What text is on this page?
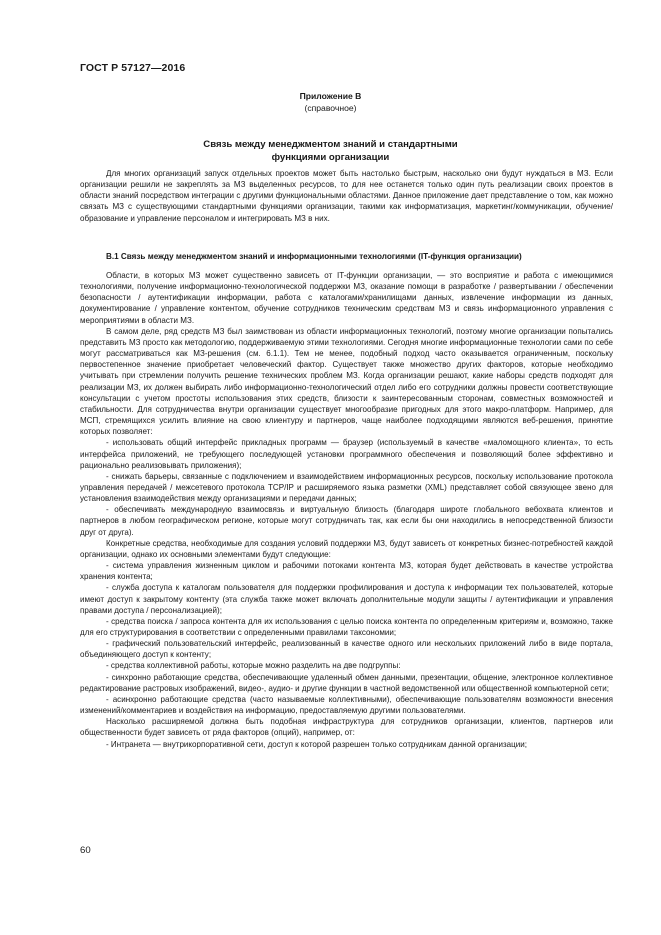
ГОСТ Р 57127—2016
Приложение В
(справочное)
Связь между менеджментом знаний и стандартными
функциями организации

Для многих организаций запуск отдельных проектов может быть настолько быстрым, насколько они будут нуждаться в МЗ. Если организации решили не закреплять за МЗ выделенных ресурсов, то для нее останется только один путь реализации своих проектов в области знаний посредством интеграции с другими функциональными областями. Данное приложение дает представление о том, как можно связать МЗ с существующими стандартными функциями организации, такими как информатизация, маркетинг/коммуникации, обучение/образование и управление персоналом и интегрировать МЗ в них.

В.1 Связь между менеджментом знаний и информационными технологиями (IT-функция организации)

Области, в которых МЗ может существенно зависеть от IT-функции организации, — это восприятие и работа с имеющимися технологиями, получение информационно-технологической поддержки МЗ, оказание помощи в разработке / развертывании / обеспечении безопасности / аутентификации информации, работа с каталогами/хранилищами данных, извлечение информации из данных, документирование / управление контентом, обучение сотрудников техническим средствам МЗ и связь информационного управления с мероприятиями в области МЗ.

В самом деле, ряд средств МЗ был заимствован из области информационных технологий, поэтому многие организации попытались представить МЗ просто как методологию, поддерживаемую этими технологиями. Сегодня многие информационные технологии сами по себе могут рассматриваться как МЗ-решения (см. 6.1.1). Тем не менее, подобный подход часто оказывается ограниченным, поскольку первостепенное значение приобретает человеческий фактор. Существует также множество других факторов, которые необходимо учитывать при стремлении получить решение технических проблем МЗ. Когда организации решают, какие наборы средств подходят для реализации МЗ, их должен выбирать либо информационно-технологический отдел либо его сотрудники должны провести соответствующие консультации с учетом простоты использования этих средств, близости к заинтересованным сторонам, совместных возможностей и стабильности. Для сотрудничества внутри организации существует многообразие пригодных для этого макро-платформ. Например, для МСП, стремящихся усилить влияние на свою клиентуру и партнеров, чаще наиболее подходящими являются веб-решения, принятие которых позволяет:

- использовать общий интерфейс прикладных программ — браузер (используемый в качестве «маломощного клиента», то есть интерфейса приложений, не требующего последующей установки программного обеспечения и позволяющий более эффективно и рационально реализовывать приложения);

- снижать барьеры, связанные с подключением и взаимодействием информационных ресурсов, поскольку использование протокола управления передачей / межсетевого протокола TCP/IP и расширяемого языка разметки (XML) представляет собой связующее звено для установления взаимодействия между организациями и передачи данных;

- обеспечивать международную взаимосвязь и виртуальную близость (благодаря широте глобального вебохвата клиентов и партнеров в любом географическом регионе, которые могут сотрудничать так, как если бы они находились в непосредственной близости друг от друга).

Конкретные средства, необходимые для создания условий поддержки МЗ, будут зависеть от конкретных бизнес-потребностей каждой организации, однако их основными элементами будут следующие:

- система управления жизненным циклом и рабочими потоками контента МЗ, которая будет действовать в качестве устройства хранения контента;

- служба доступа к каталогам пользователя для поддержки профилирования и доступа к информации тех пользователей, которые имеют доступ к закрытому контенту (эта служба также может включать дополнительные модули защиты / аутентификации и управления правами доступа / персонализацией);

- средства поиска / запроса контента для их использования с целью поиска контента по определенным критериям и, возможно, также для его структурирования в соответствии с определенными правилами таксономии;

- графический пользовательский интерфейс, реализованный в качестве одного или нескольких приложений либо в виде портала, объединяющего доступ к контенту;

- средства коллективной работы, которые можно разделить на две подгруппы:

- синхронно работающие средства, обеспечивающие удаленный обмен данными, презентации, общение, электронное коллективное редактирование растровых изображений, видео-, аудио- и другие функции в частной ведомственной или общественной компьютерной сети;

- асинхронно работающие средства (часто называемые коллективными), обеспечивающие пользователям возможности внесения изменений/комментариев и воздействия на информацию, предоставляемую другими пользователями.

Насколько расширяемой должна быть подобная инфраструктура для сотрудников организации, клиентов, партнеров или общественности будет зависеть от ряда факторов (опций), например, от:

- Интранета — внутрикорпоративной сети, доступ к которой разрешен только сотрудникам данной организации;

60
